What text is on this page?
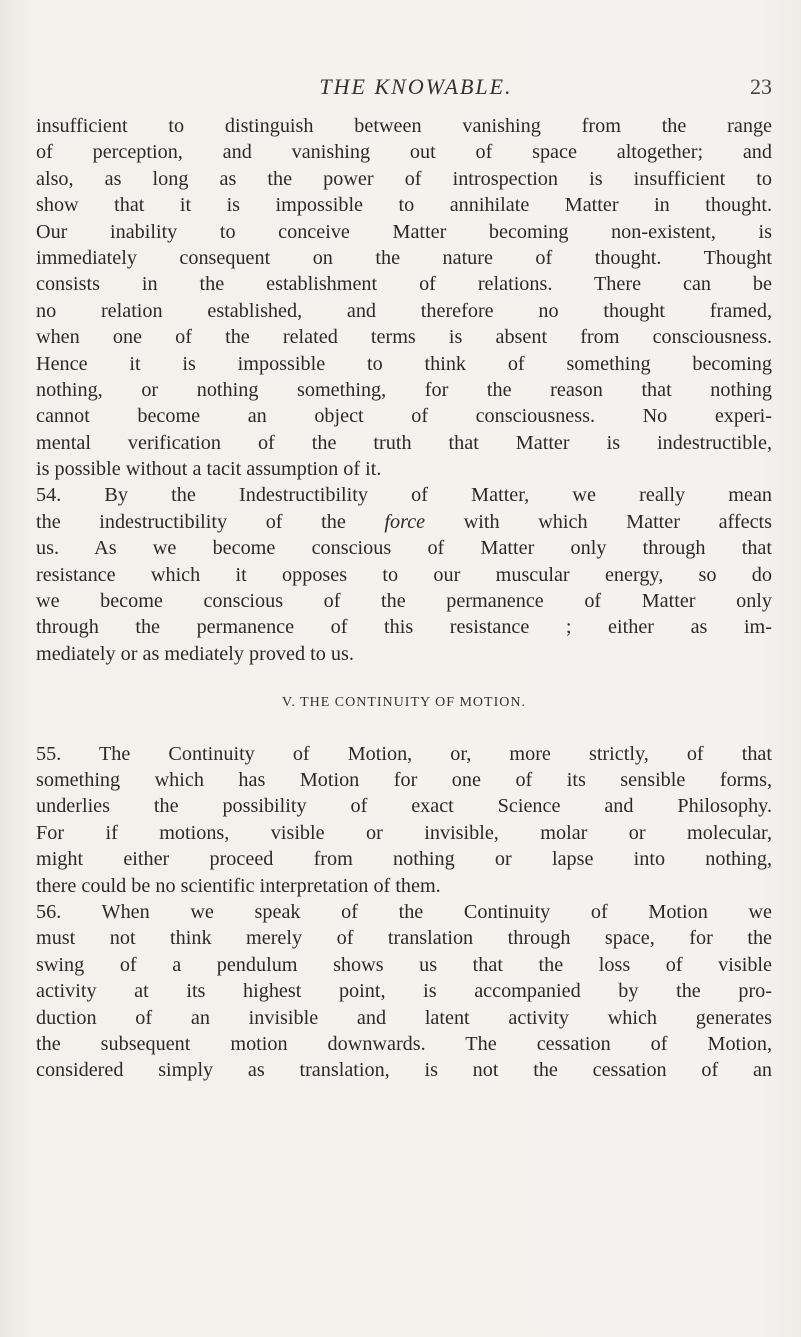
THE KNOWABLE.	23
insufficient to distinguish between vanishing from the range
of perception, and vanishing out of space altogether; and
also, as long as the power of introspection is insufficient to
show that it is impossible to annihilate Matter in thought.
Our inability to conceive Matter becoming non-existent, is
immediately consequent on the nature of thought. Thought
consists in the establishment of relations. There can be
no relation established, and therefore no thought framed,
when one of the related terms is absent from consciousness.
Hence it is impossible to think of something becoming
nothing, or nothing something, for the reason that nothing
cannot become an object of consciousness. No experi-
mental verification of the truth that Matter is indestructible,
is possible without a tacit assumption of it.
54. By the Indestructibility of Matter, we really mean
the indestructibility of the force with which Matter affects
us. As we become conscious of Matter only through that
resistance which it opposes to our muscular energy, so do
we become conscious of the permanence of Matter only
through the permanence of this resistance ; either as im-
mediately or as mediately proved to us.
V. THE CONTINUITY OF MOTION.
55. The Continuity of Motion, or, more strictly, of that
something which has Motion for one of its sensible forms,
underlies the possibility of exact Science and Philosophy.
For if motions, visible or invisible, molar or molecular,
might either proceed from nothing or lapse into nothing,
there could be no scientific interpretation of them.
56. When we speak of the Continuity of Motion we
must not think merely of translation through space, for the
swing of a pendulum shows us that the loss of visible
activity at its highest point, is accompanied by the pro-
duction of an invisible and latent activity which generates
the subsequent motion downwards. The cessation of Motion,
considered simply as translation, is not the cessation of an
